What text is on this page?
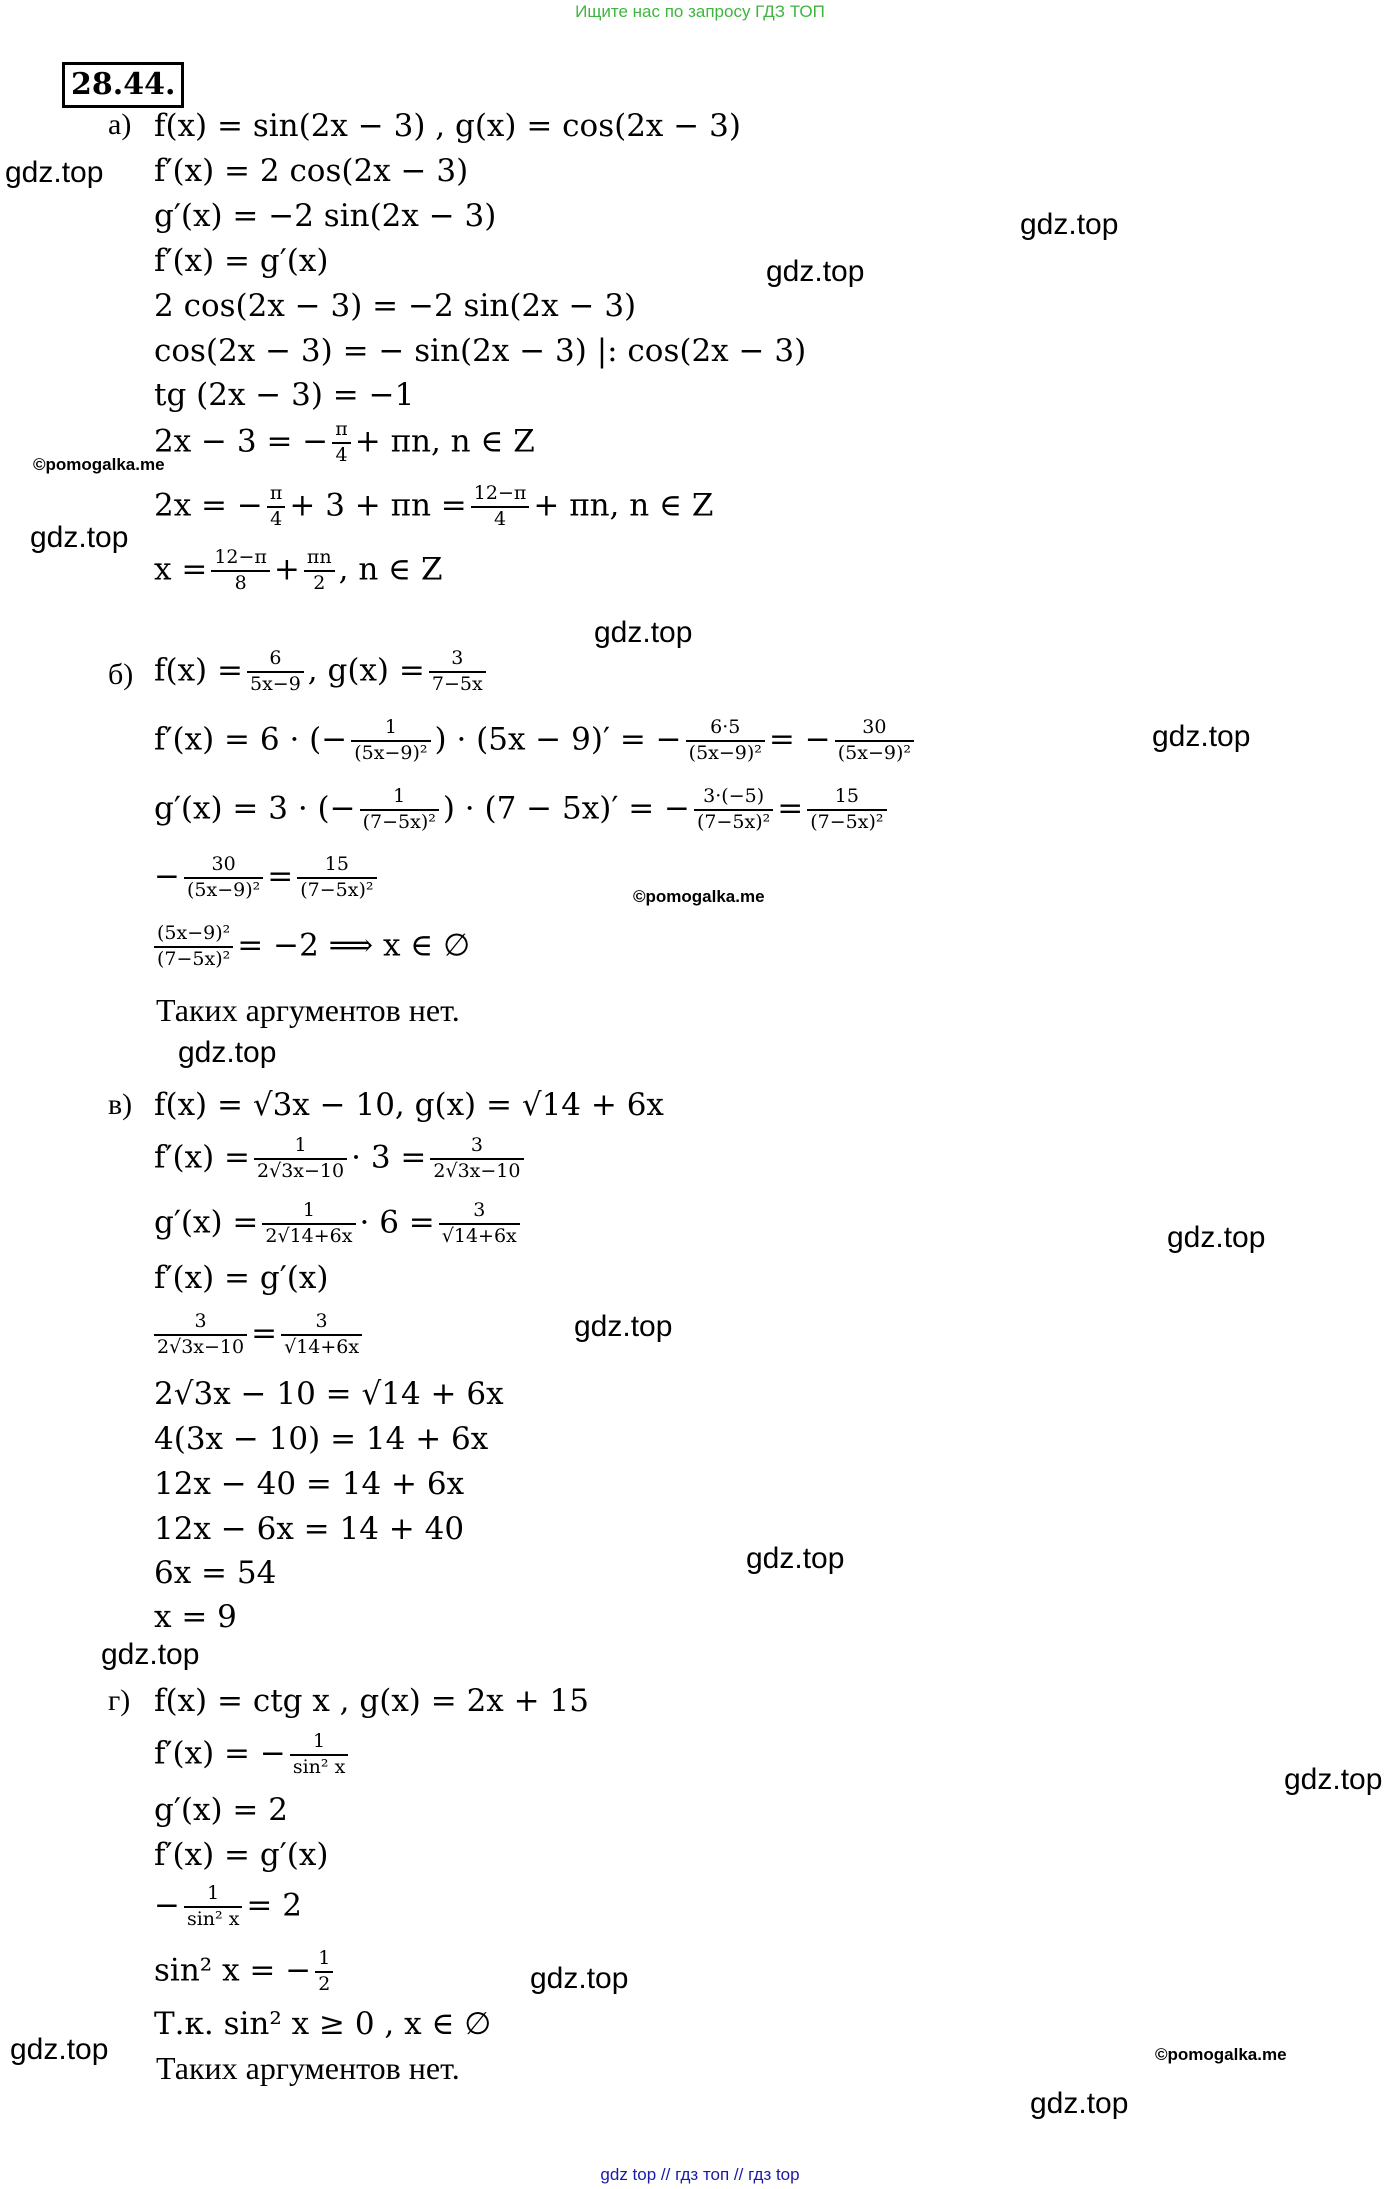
Ищите нас по запросу ГДЗ ТОП
28.44.
gdz.top
gdz.top
gdz.top
gdz.top
gdz.top
gdz.top
gdz.top
gdz.top
gdz.top
gdz.top
gdz.top
gdz.top
gdz.top
gdz.top
gdz.top
©pomogalka.me
©pomogalka.me
©pomogalka.me
а) f(x) = sin(2x − 3) , g(x) = cos(2x − 3)
f′(x) = 2 cos(2x − 3)
g′(x) = −2 sin(2x − 3)
f′(x) = g′(x)
2 cos(2x − 3) = −2 sin(2x − 3)
cos(2x − 3) = − sin(2x − 3) |: cos(2x − 3)
tg (2x − 3) = −1
2x − 3 = − $\frac{\pi}{4} + \pi n$, n ∈ Z
2x = − $\frac{\pi}{4} + 3 + \pi n = \frac{12-\pi}{4} + \pi n$, n ∈ Z
$x = \frac{12-\pi}{8} + \frac{\pi n}{2}$ , n ∈ Z
б) $f(x) = \frac{6}{5x-9}$ , $g(x) = \frac{3}{7-5x}$
f′(x) = 6 · (− $\frac{1}{\text{(5x−9)²}}$ ) · (5x − 9)′ = − $\frac{6\cdot 5}{\text{(5x−9)²}}$ = − $\frac{30}{\text{(5x−9)²}}$
g′(x) = 3 · (− $\frac{1}{\text{(7−5x)²}}$ ) · (7 − 5x)′ = − $\frac{3\cdot(-5)}{\text{(7−5x)²}} = \frac{15}{\text{(7−5x)²}}$
− $\frac{30}{\text{(5x−9)²}} = \frac{15}{\text{(7−5x)²}}$
$\frac{\text{(5x−9)²}}{\text{(7−5x)²}} = -2$ ⟹ x ∈ ∅
Таких аргументов нет.
в) f(x) = √3x − 10, g(x) = √14 + 6x
$f'(x) = \frac{1}{2√3x-10} \cdot 3 = \frac{3}{2√3x-10}$
$g'(x) = \frac{1}{2√14+6x} \cdot 6 = \frac{3}{√14+6x}$
f′(x) = g′(x)
$\frac{3}{2√3x-10} = \frac{3}{√14+6x}$
2√3x − 10 = √14 + 6x
4(3x − 10) = 14 + 6x
12x − 40 = 14 + 6x
12x − 6x = 14 + 40
6x = 54
x = 9
г) f(x) = ctg x , g(x) = 2x + 15
f′(x) = − $\frac{1}{\text{sin² x}}$
g′(x) = 2
f′(x) = g′(x)
− $\frac{1}{\text{sin² x}} = 2$
sin² x = − $\frac{1}{2}$
Т.к. sin² x ≥ 0 , x ∈ ∅
Таких аргументов нет.
gdz top // гдз топ // гдз top
